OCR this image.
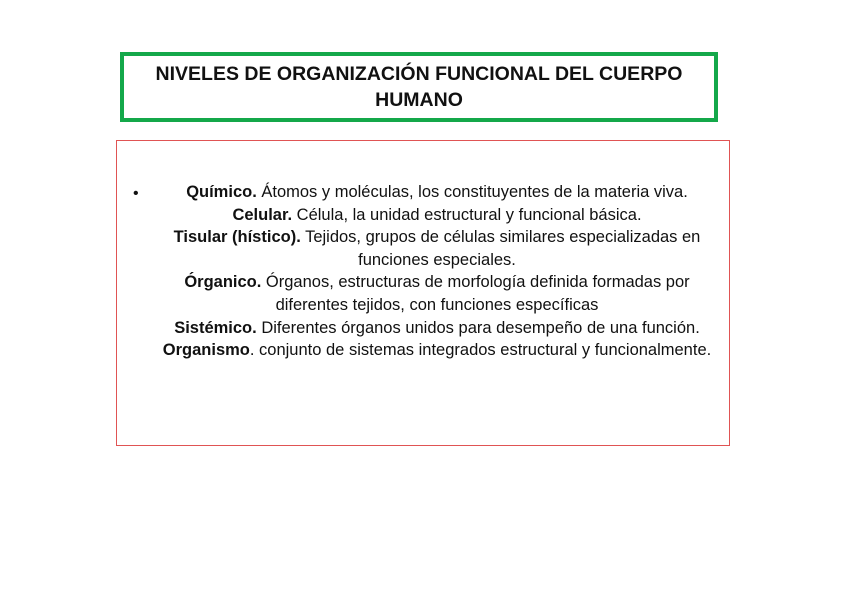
NIVELES DE ORGANIZACIÓN FUNCIONAL DEL CUERPO
HUMANO
•	Químico. Átomos y moléculas, los constituyentes de la materia viva.
Celular. Célula, la unidad estructural y funcional básica.
Tisular (hístico). Tejidos, grupos de células similares especializadas en funciones especiales.
Órganico. Órganos, estructuras de morfología definida formadas por diferentes tejidos, con funciones específicas
Sistémico. Diferentes órganos unidos para desempeño de una función.
Organismo. conjunto de sistemas integrados estructural y funcionalmente.
